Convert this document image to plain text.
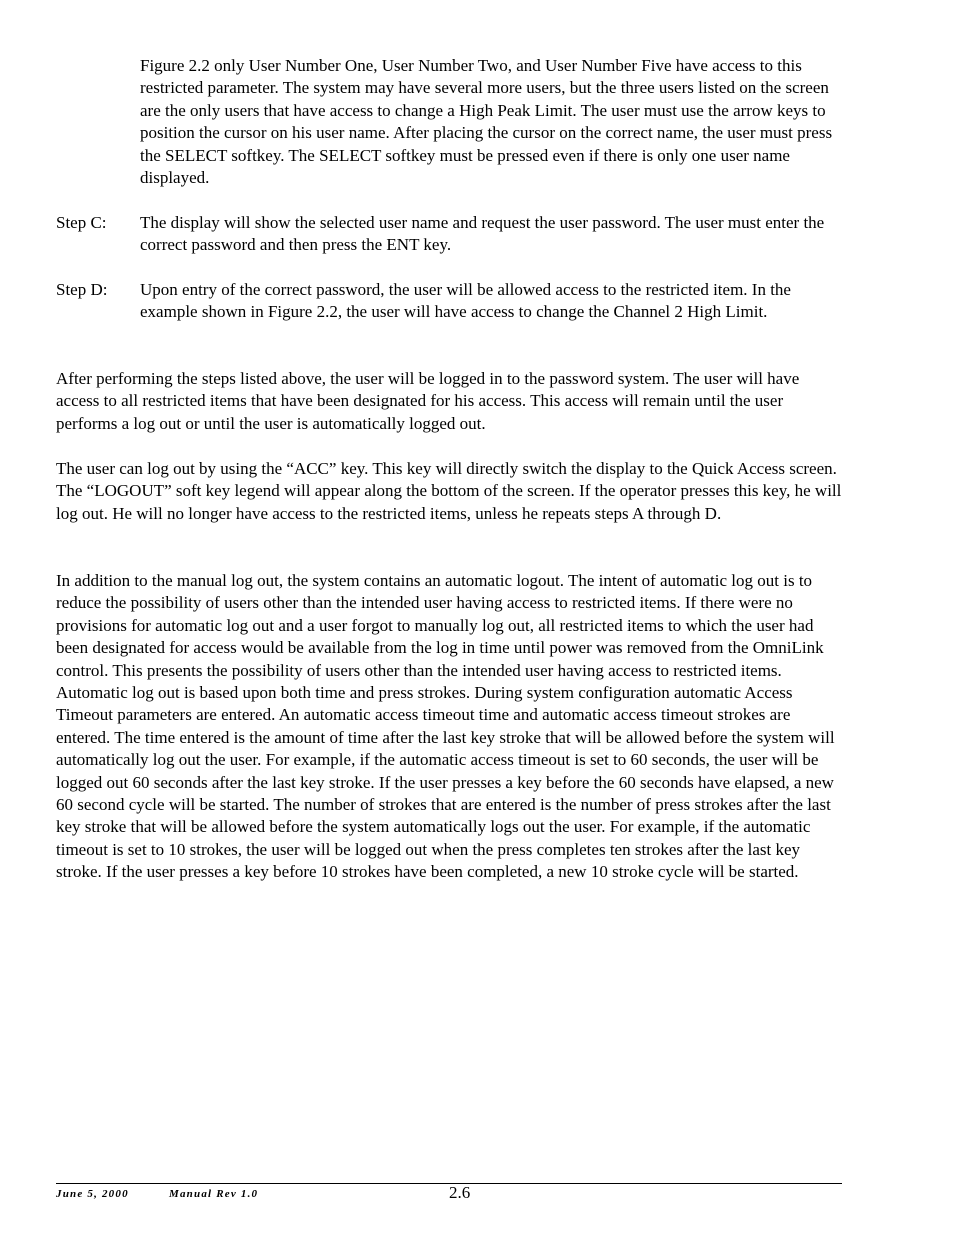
Figure 2.2 only User Number One, User Number Two, and User Number Five have access to this restricted parameter. The system may have several more users, but the three users listed on the screen are the only users that have access to change a High Peak Limit. The user must use the arrow keys to position the cursor on his user name. After placing the cursor on the correct name, the user must press the SELECT softkey. The SELECT softkey must be pressed even if there is only one user name displayed.

Step C:	The display will show the selected user name and request the user password. The user must enter the correct password and then press the ENT key.
Step D:	Upon entry of the correct password, the user will be allowed access to the restricted item. In the example shown in Figure 2.2, the user will have access to change the Channel 2 High Limit.

After performing the steps listed above, the user will be logged in to the password system. The user will have access to all restricted items that have been designated for his access. This access will remain until the user performs a log out or until the user is automatically logged out.

The user can log out by using the “ACC” key. This key will directly switch the display to the Quick Access screen. The “LOGOUT” soft key legend will appear along the bottom of the screen. If the operator presses this key, he will log out. He will no longer have access to the restricted items, unless he repeats steps A through D.

In addition to the manual log out, the system contains an automatic logout. The intent of automatic log out is to reduce the possibility of users other than the intended user having access to restricted items. If there were no provisions for automatic log out and a user forgot to manually log out, all restricted items to which the user had been designated for access would be available from the log in time until power was removed from the OmniLink control. This presents the possibility of users other than the intended user having access to restricted items. Automatic log out is based upon both time and press strokes. During system configuration automatic Access Timeout parameters are entered. An automatic access timeout time and automatic access timeout strokes are entered. The time entered is the amount of time after the last key stroke that will be allowed before the system will automatically log out the user. For example, if the automatic access timeout is set to 60 seconds, the user will be logged out 60 seconds after the last key stroke. If the user presses a key before the 60 seconds have elapsed, a new 60 second cycle will be started. The number of strokes that are entered is the number of press strokes after the last key stroke that will be allowed before the system automatically logs out the user. For example, if the automatic timeout is set to 10 strokes, the user will be logged out when the press completes ten strokes after the last key stroke. If the user presses a key before 10 strokes have been completed, a new 10 stroke cycle will be started.

June 5, 2000	Manual Rev 1.0	2.6
